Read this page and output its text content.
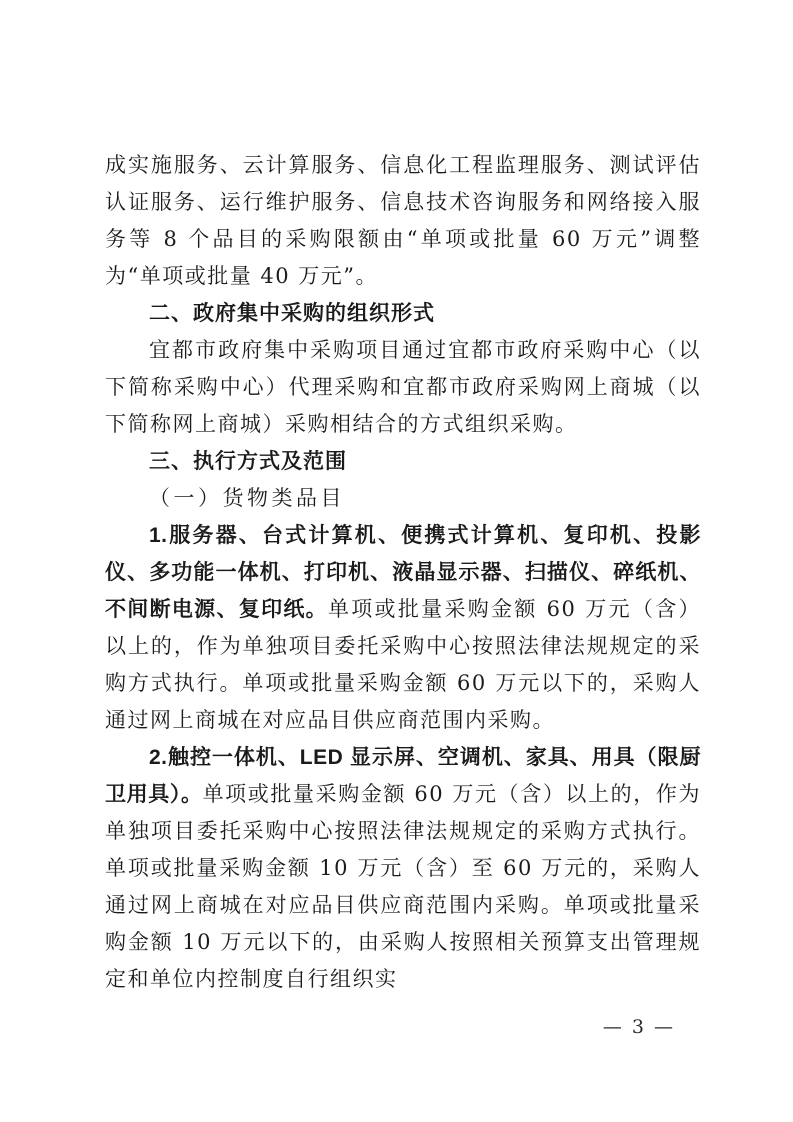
成实施服务、云计算服务、信息化工程监理服务、测试评估认证服务、运行维护服务、信息技术咨询服务和网络接入服务等 8 个品目的采购限额由“单项或批量 60 万元”调整为“单项或批量 40 万元”。

二、政府集中采购的组织形式

宜都市政府集中采购项目通过宜都市政府采购中心（以下简称采购中心）代理采购和宜都市政府采购网上商城（以下简称网上商城）采购相结合的方式组织采购。

三、执行方式及范围

（一）货物类品目

1.服务器、台式计算机、便携式计算机、复印机、投影仪、多功能一体机、打印机、液晶显示器、扫描仪、碎纸机、不间断电源、复印纸。单项或批量采购金额 60 万元（含）以上的，作为单独项目委托采购中心按照法律法规规定的采购方式执行。单项或批量采购金额 60 万元以下的，采购人通过网上商城在对应品目供应商范围内采购。

2.触控一体机、LED 显示屏、空调机、家具、用具（限厨卫用具）。单项或批量采购金额 60 万元（含）以上的，作为单独项目委托采购中心按照法律法规规定的采购方式执行。单项或批量采购金额 10 万元（含）至 60 万元的，采购人通过网上商城在对应品目供应商范围内采购。单项或批量采购金额 10 万元以下的，由采购人按照相关预算支出管理规定和单位内控制度自行组织实

— 3 —
